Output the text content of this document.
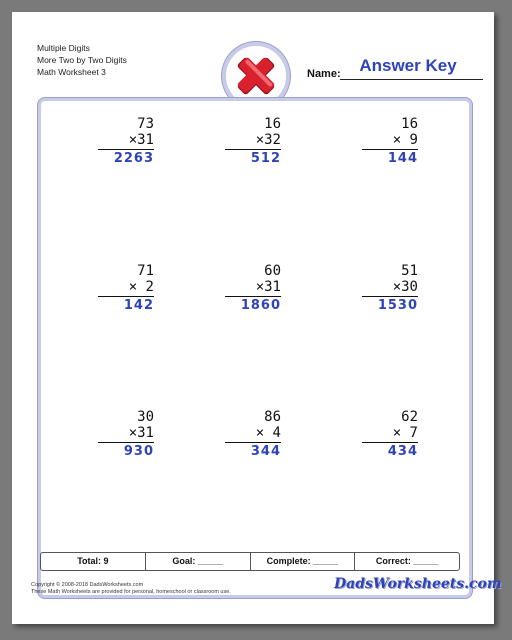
Multiple Digits
More Two by Two Digits
Math Worksheet 3	Name:	Answer Key
73
×31
2263
16
×32
512
16
× 9
144
71
× 2
142
60
×31
1860
51
×30
1530
30
×31
930
86
× 4
344
62
× 7
434
Total: 9	Goal: _____	Complete: _____	Correct: _____
Copyright © 2008-2018 DadsWorksheets.com
These Math Worksheets are provided for personal, homeschool or classroom use.	DadsWorksheets.com
